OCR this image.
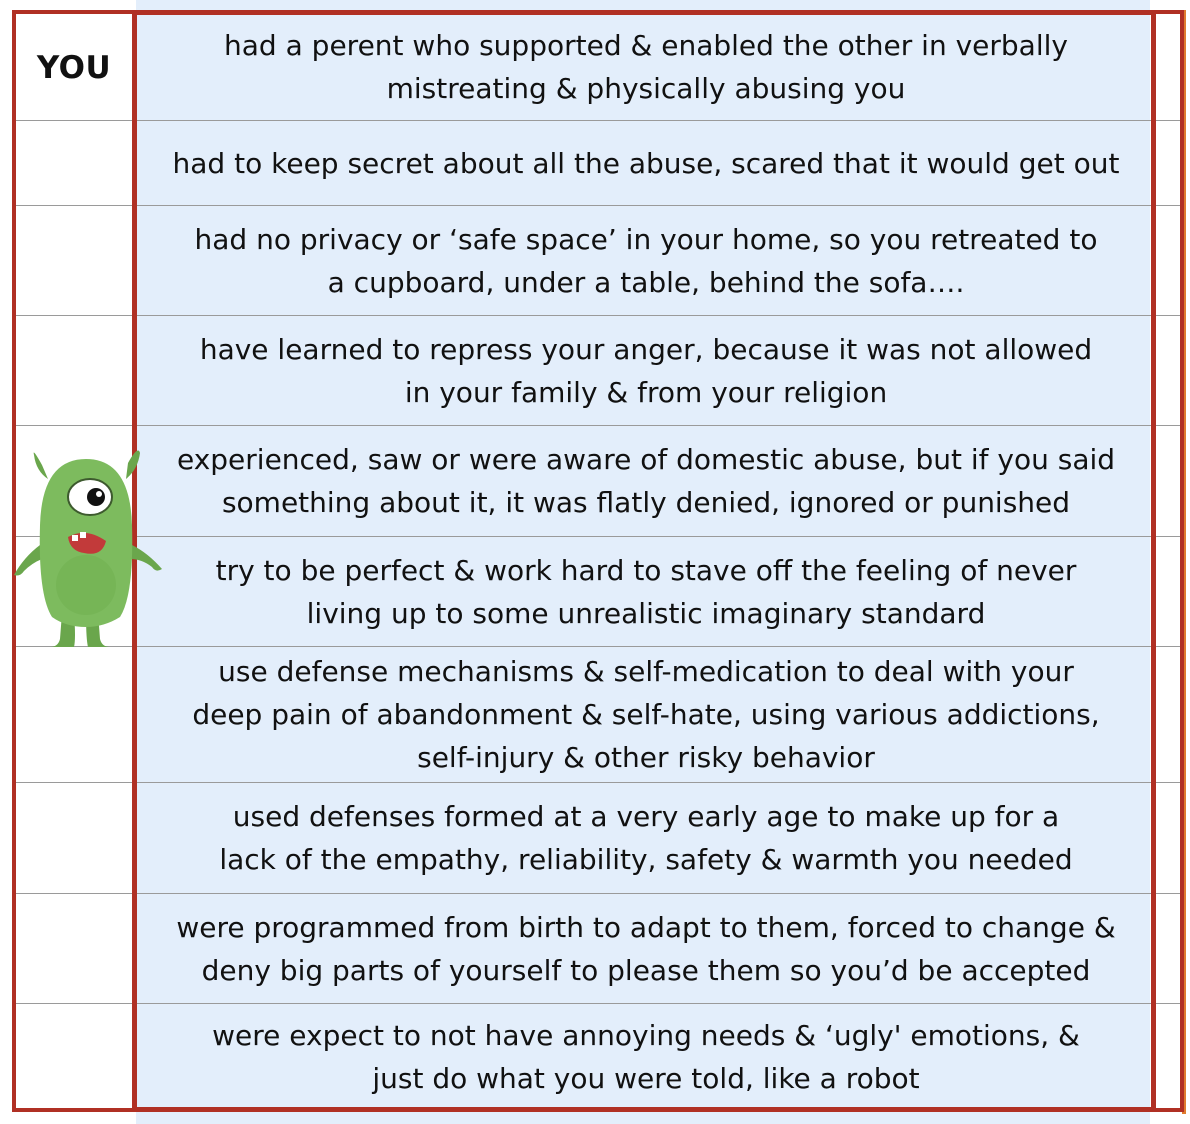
YOU
had a perent who supported & enabled the other in verbally
mistreating & physically abusing you
had to keep secret about all the abuse, scared that it would get out
had no privacy or ‘safe space’ in your home, so you retreated to
a cupboard, under a table, behind the sofa….
have learned to repress your anger, because it was not allowed
in your family & from your religion
experienced, saw or were aware of domestic abuse, but if you said
something about it, it was flatly denied, ignored or punished
try to be perfect & work hard to stave off the feeling of never
living up to some unrealistic imaginary standard
use defense mechanisms & self-medication to deal with your
deep pain of abandonment & self-hate, using various addictions,
self-injury & other risky behavior
used defenses formed at a very early age to make up for a
lack of the empathy, reliability, safety & warmth you needed
were programmed from birth to adapt to them, forced to change &
deny big parts of yourself to please them so you’d be accepted
were expect to not have annoying needs & ‘ugly' emotions, &
just do what you were told, like a robot
